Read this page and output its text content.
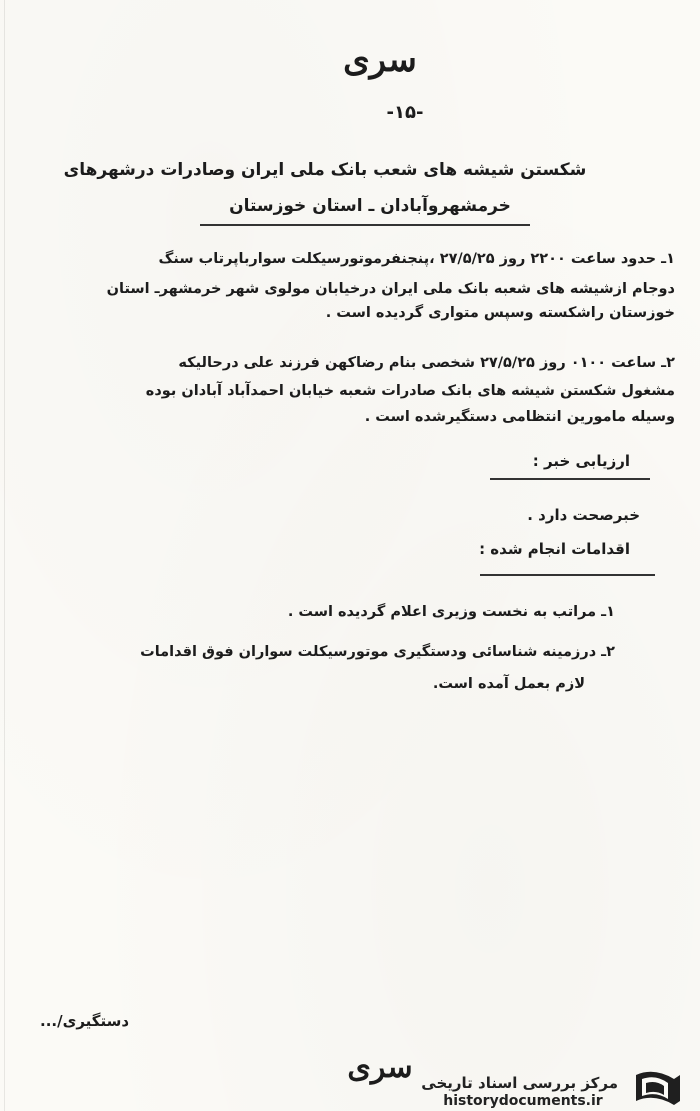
سری
-۱۵-
شکستن شیشه های شعب بانک ملی ایران وصادرات درشهرهای
خرمشهروآبادان ـ استان خوزستان
۱ـ حدود ساعت ۲۲۰۰ روز ۲۷/۵/۲۵ ،پنجنفرموتورسیکلت سوارباپرتاب سنگ
دوجام ازشیشه های شعبه بانک ملی ایران درخیابان مولوی شهر خرمشهرـ استان
خوزستان راشکسته وسپس متواری گردیده است .
۲ـ ساعت ۰۱۰۰ روز ۲۷/۵/۲۵ شخصی بنام رضاکهن فرزند علی درحالیکه
مشغول شکستن شیشه های بانک صادرات شعبه خیابان احمدآباد آبادان بوده
وسیله مامورین انتظامی دستگیرشده است .
ارزیابی خبر :
خبرصحت دارد .
اقدامات انجام شده :
۱ـ مراتب به نخست وزیری اعلام گردیده است .
۲ـ درزمینه شناسائی ودستگیری موتورسیکلت سواران فوق اقدامات
لازم بعمل آمده است.
دستگیری/...
سری مرکز بررسی اسناد تاریخی
historydocuments.ir
